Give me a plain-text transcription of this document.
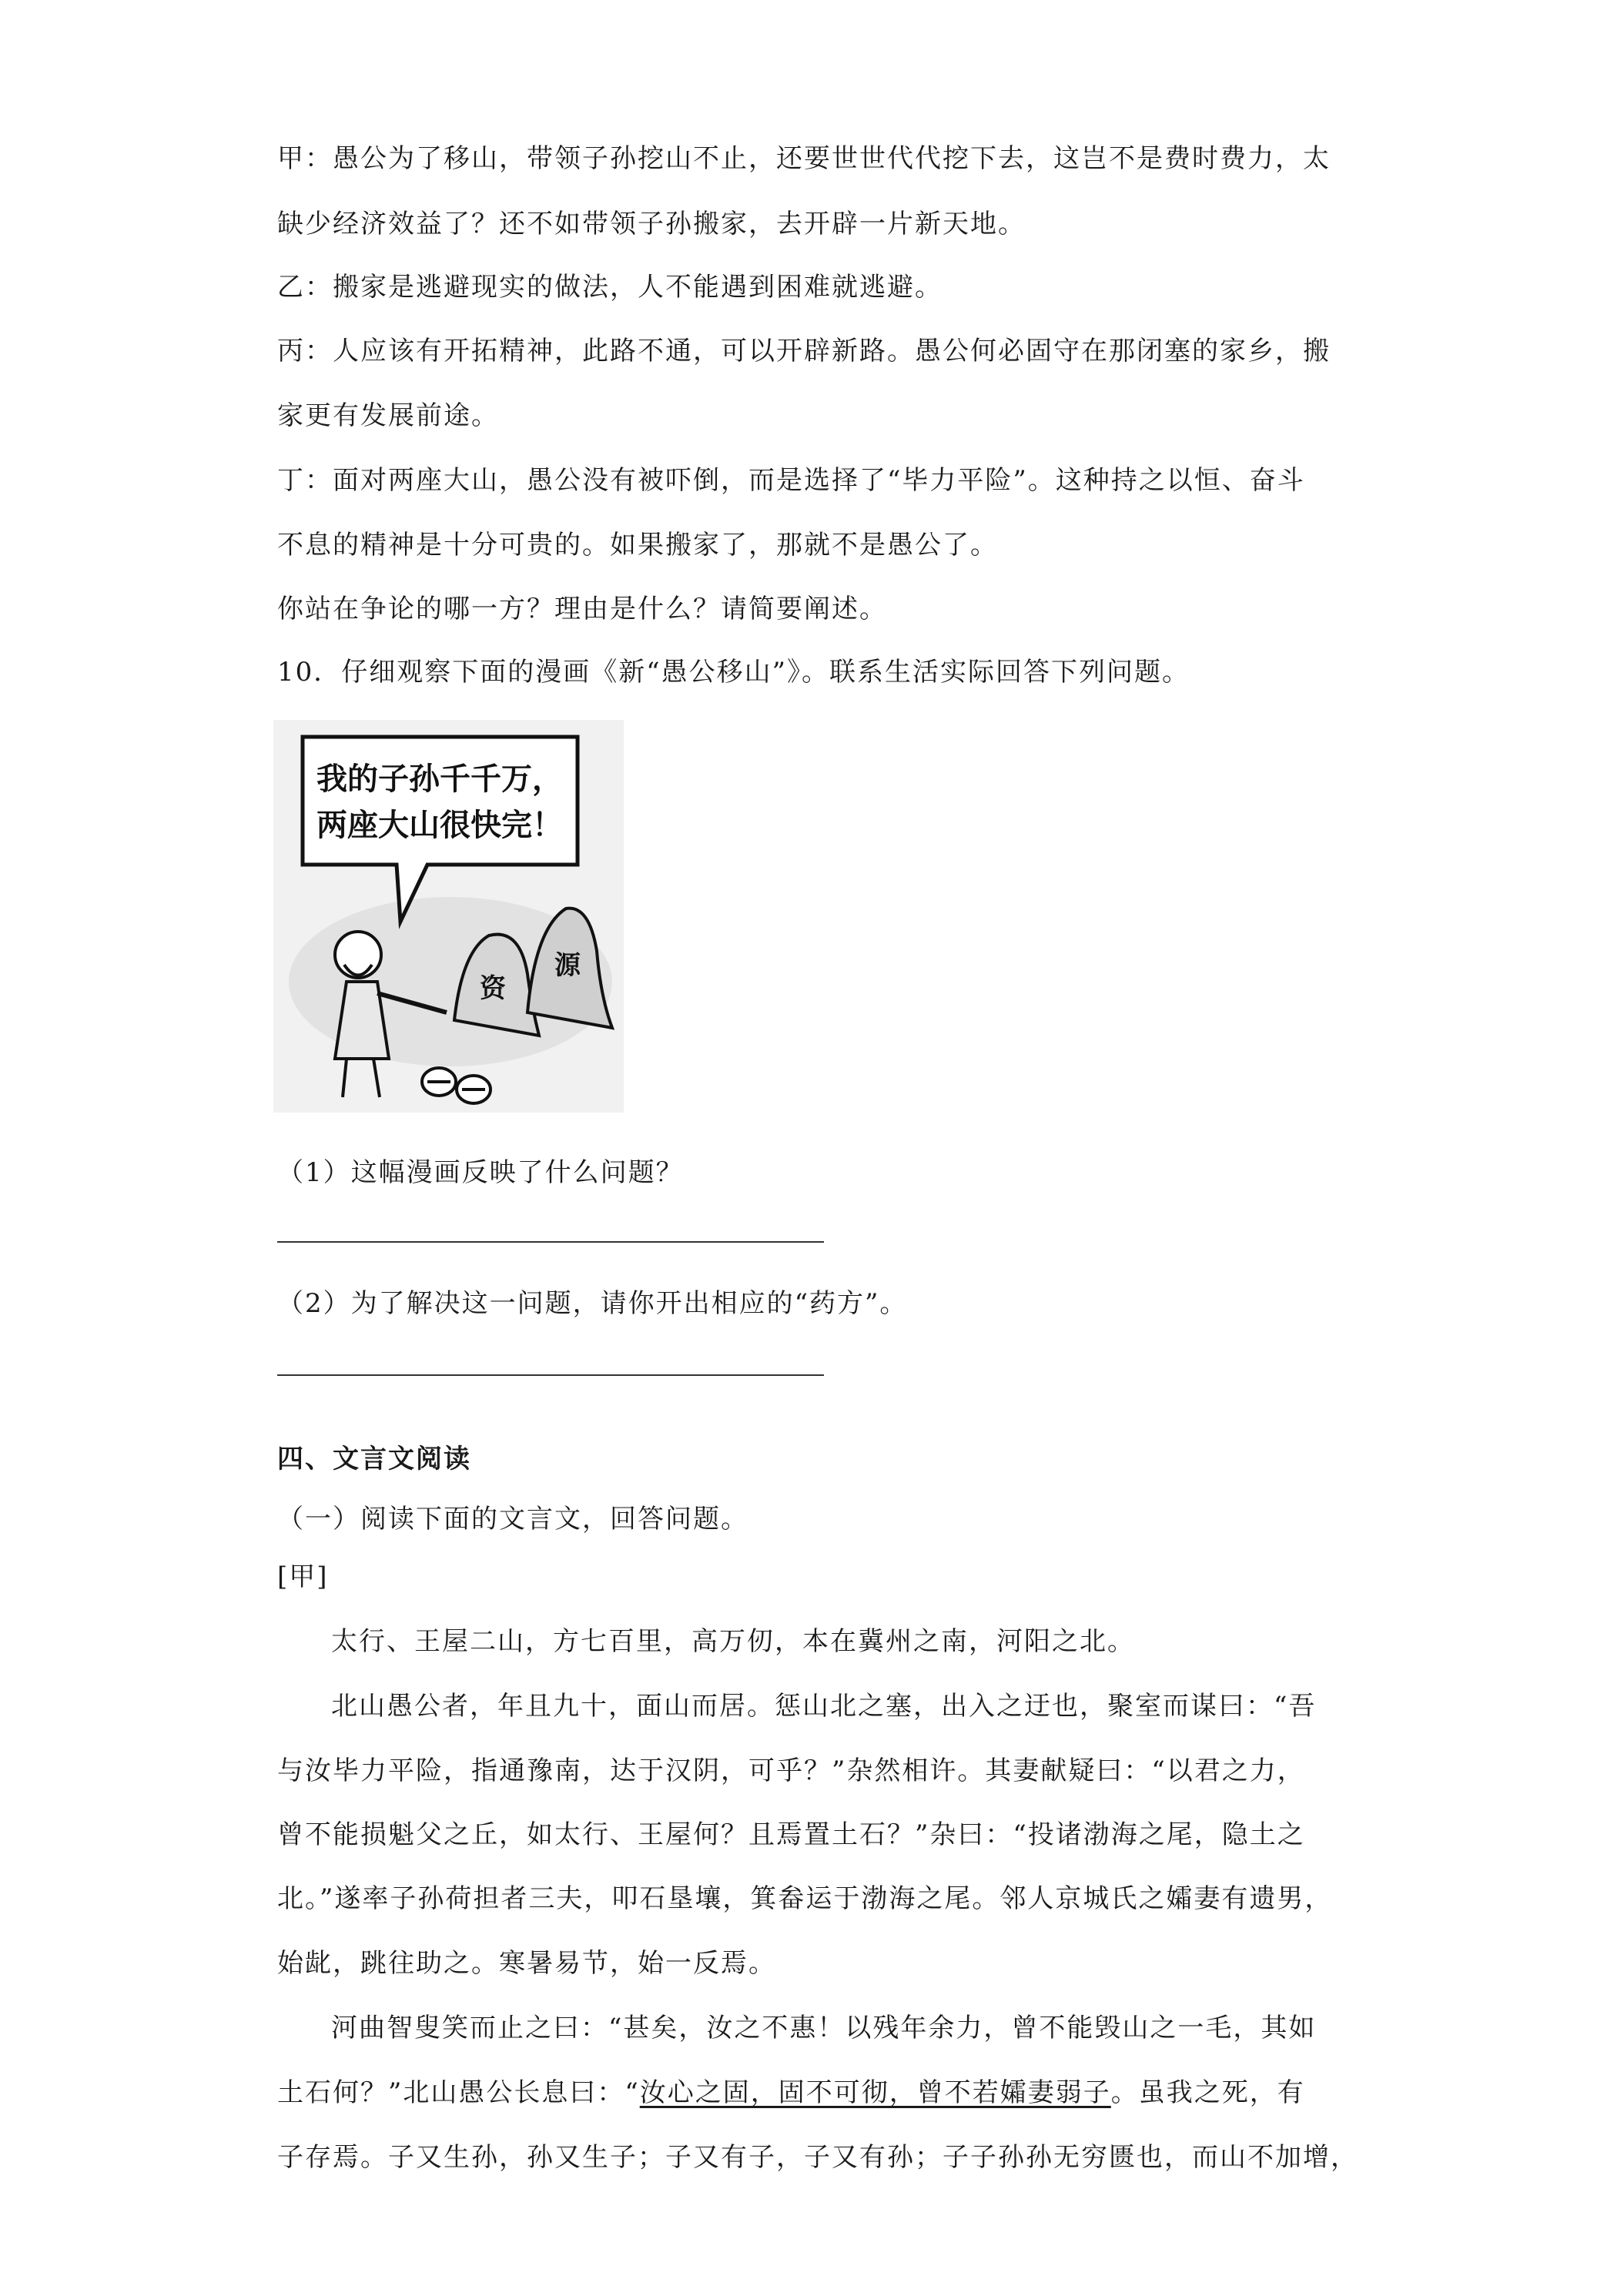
甲：愚公为了移山，带领子孙挖山不止，还要世世代代挖下去，这岂不是费时费力，太
缺少经济效益了？还不如带领子孙搬家，去开辟一片新天地。
乙：搬家是逃避现实的做法，人不能遇到困难就逃避。
丙：人应该有开拓精神，此路不通，可以开辟新路。愚公何必固守在那闭塞的家乡，搬
家更有发展前途。
丁：面对两座大山，愚公没有被吓倒，而是选择了“毕力平险”。这种持之以恒、奋斗
不息的精神是十分可贵的。如果搬家了，那就不是愚公了。
你站在争论的哪一方？理由是什么？请简要阐述。
10．仔细观察下面的漫画《新“愚公移山”》。联系生活实际回答下列问题。
我的子孙千千万，
两座大山很快完！
资
源
（1）这幅漫画反映了什么问题？
（2）为了解决这一问题，请你开出相应的“药方”。
四、文言文阅读
（一）阅读下面的文言文，回答问题。
[甲]
太行、王屋二山，方七百里，高万仞，本在冀州之南，河阳之北。
北山愚公者，年且九十，面山而居。惩山北之塞，出入之迂也，聚室而谋曰：“吾
与汝毕力平险，指通豫南，达于汉阴，可乎？”杂然相许。其妻献疑曰：“以君之力，
曾不能损魁父之丘，如太行、王屋何？且焉置土石？”杂曰：“投诸渤海之尾，隐土之
北。”遂率子孙荷担者三夫，叩石垦壤，箕畚运于渤海之尾。邻人京城氏之孀妻有遗男，
始龀，跳往助之。寒暑易节，始一反焉。
河曲智叟笑而止之曰：“甚矣，汝之不惠！以残年余力，曾不能毁山之一毛，其如
土石何？”北山愚公长息曰：“汝心之固，固不可彻，曾不若孀妻弱子。虽我之死，有
子存焉。子又生孙，孙又生子；子又有子，子又有孙；子子孙孙无穷匮也，而山不加增，
